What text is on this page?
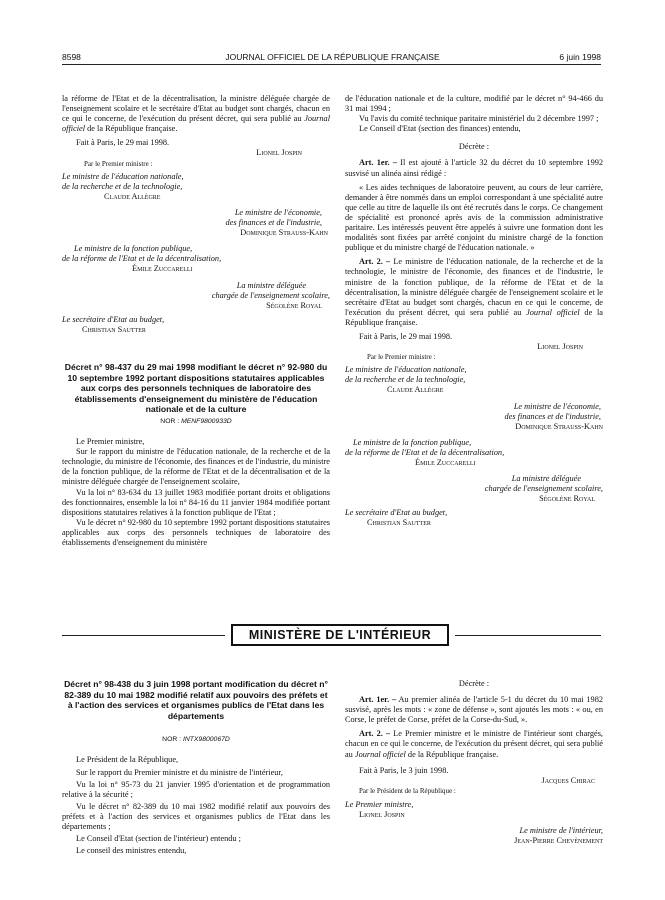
8598	JOURNAL OFFICIEL DE LA RÉPUBLIQUE FRANÇAISE	6 juin 1998

la réforme de l'Etat et de la décentralisation, la ministre déléguée chargée de l'enseignement scolaire et le secrétaire d'Etat au budget sont chargés, chacun en ce qui le concerne, de l'exécution du présent décret, qui sera publié au Journal officiel de la République française.

Fait à Paris, le 29 mai 1998.

Lionel Jospin

Par le Premier ministre :

Le ministre de l'éducation nationale,

de la recherche et de la technologie,

Claude Allègre

Le ministre de l'économie,

des finances et de l'industrie,

Dominique Strauss-Kahn

Le ministre de la fonction publique,

de la réforme de l'Etat et de la décentralisation,

Émile Zuccarelli

La ministre déléguée

chargée de l'enseignement scolaire,

Ségolène Royal

Le secrétaire d'Etat au budget,

Christian Sautter

Décret n° 98-437 du 29 mai 1998 modifiant le décret n° 92-980 du 10 septembre 1992 portant dispositions statutaires applicables aux corps des personnels techniques de laboratoire des établissements d'enseignement du ministère de l'éducation nationale et de la culture

NOR : MENF9800933D

Le Premier ministre,

Sur le rapport du ministre de l'éducation nationale, de la recherche et de la technologie, du ministre de l'économie, des finances et de l'industrie, du ministre de la fonction publique, de la réforme de l'Etat et de la décentralisation et de la ministre déléguée chargée de l'enseignement scolaire,

Vu la loi n° 83-634 du 13 juillet 1983 modifiée portant droits et obligations des fonctionnaires, ensemble la loi n° 84-16 du 11 janvier 1984 modifiée portant dispositions statutaires relatives à la fonction publique de l'Etat ;

Vu le décret n° 92-980 du 10 septembre 1992 portant dispositions statutaires applicables aux corps des personnels techniques de laboratoire des établissements d'enseignement du ministère

de l'éducation nationale et de la culture, modifié par le décret n° 94-466 du 31 mai 1994 ;

Vu l'avis du comité technique paritaire ministériel du 2 décembre 1997 ;

Le Conseil d'Etat (section des finances) entendu,

Décrète :

Art. 1er. – Il est ajouté à l'article 32 du décret du 10 septembre 1992 susvisé un alinéa ainsi rédigé :

« Les aides techniques de laboratoire peuvent, au cours de leur carrière, demander à être nommés dans un emploi correspondant à une spécialité autre que celle au titre de laquelle ils ont été recrutés dans le corps. Ce changement de spécialité est prononcé après avis de la commission administrative paritaire. Les intéressés peuvent être appelés à suivre une formation dont les modalités sont fixées par arrêté conjoint du ministre chargé de la fonction publique et du ministre chargé de l'éducation nationale. »

Art. 2. – Le ministre de l'éducation nationale, de la recherche et de la technologie, le ministre de l'économie, des finances et de l'industrie, le ministre de la fonction publique, de la réforme de l'Etat et de la décentralisation, la ministre déléguée chargée de l'enseignement scolaire et le secrétaire d'Etat au budget sont chargés, chacun en ce qui le concerne, de l'exécution du présent décret, qui sera publié au Journal officiel de la République française.

Fait à Paris, le 29 mai 1998.

Lionel Jospin

Par le Premier ministre :

Le ministre de l'éducation nationale,

de la recherche et de la technologie,

Claude Allègre

Le ministre de l'économie,

des finances et de l'industrie,

Dominique Strauss-Kahn

Le ministre de la fonction publique,

de la réforme de l'Etat et de la décentralisation,

Émile Zuccarelli

La ministre déléguée

chargée de l'enseignement scolaire,

Ségolène Royal

Le secrétaire d'Etat au budget,

Christian Sautter

MINISTÈRE DE L'INTÉRIEUR

Décret n° 98-438 du 3 juin 1998 portant modification du décret n° 82-389 du 10 mai 1982 modifié relatif aux pouvoirs des préfets et à l'action des services et organismes publics de l'Etat dans les départements

NOR : INTX9800067D

Le Président de la République,

Sur le rapport du Premier ministre et du ministre de l'intérieur,

Vu la loi n° 95-73 du 21 janvier 1995 d'orientation et de programmation relative à la sécurité ;

Vu le décret n° 82-389 du 10 mai 1982 modifié relatif aux pouvoirs des préfets et à l'action des services et organismes publics de l'Etat dans les départements ;

Le Conseil d'Etat (section de l'intérieur) entendu ;

Le conseil des ministres entendu,

Décrète :

Art. 1er. – Au premier alinéa de l'article 5-1 du décret du 10 mai 1982 susvisé, après les mots : « zone de défense », sont ajoutés les mots : « ou, en Corse, le préfet de Corse, préfet de la Corse-du-Sud, ».

Art. 2. – Le Premier ministre et le ministre de l'intérieur sont chargés, chacun en ce qui le concerne, de l'exécution du présent décret, qui sera publié au Journal officiel de la République française.

Fait à Paris, le 3 juin 1998.

Jacques Chirac

Par le Président de la République :

Le Premier ministre,

Lionel Jospin

Le ministre de l'intérieur,

Jean-Pierre Chevènement
